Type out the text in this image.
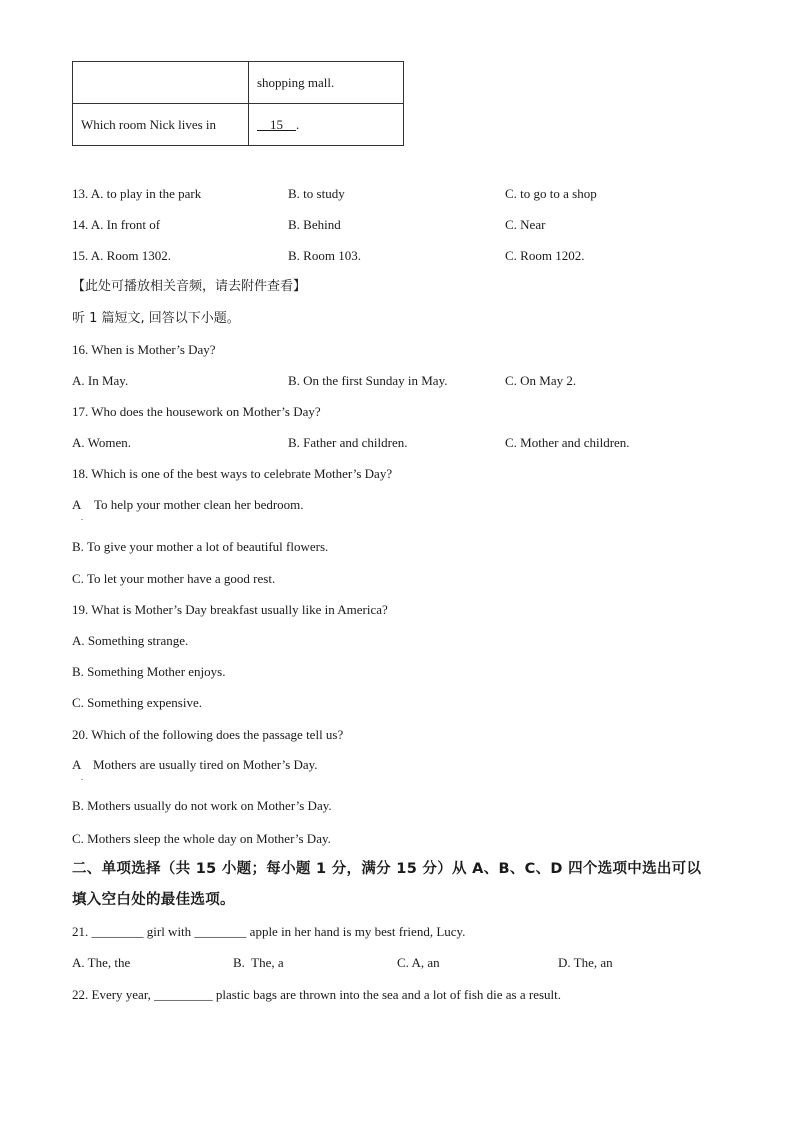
	shopping mall.
Which room Nick lives in	15    .
13. A. to play in the park	B. to study	C. to go to a shop
14. A. In front of	B. Behind	C. Near
15. A. Room 1302.	B. Room 103.	C. Room 1202.
【此处可播放相关音频，请去附件查看】
听 1 篇短文, 回答以下小题。
16. When is Mother’s Day?
A. In May.	B. On the first Sunday in May.	C. On May 2.
17. Who does the housework on Mother’s Day?
A. Women.	B. Father and children.	C. Mother and children.
18. Which is one of the best ways to celebrate Mother’s Day?
A
.
To help your mother clean her bedroom.
B. To give your mother a lot of beautiful flowers.
C. To let your mother have a good rest.
19. What is Mother’s Day breakfast usually like in America?
A. Something strange.
B. Something Mother enjoys.
C. Something expensive.
20. Which of the following does the passage tell us?
A
.
Mothers are usually tired on Mother’s Day.
B. Mothers usually do not work on Mother’s Day.
C. Mothers sleep the whole day on Mother’s Day.
二、单项选择（共 15 小题；每小题 1 分，满分 15 分）从 A、B、C、D 四个选项中选出可以
填入空白处的最佳选项。
21. ________ girl with ________ apple in her hand is my best friend, Lucy.
A. The, the	B.  The, a	C. A, an	D. The, an
22. Every year, _________ plastic bags are thrown into the sea and a lot of fish die as a result.
